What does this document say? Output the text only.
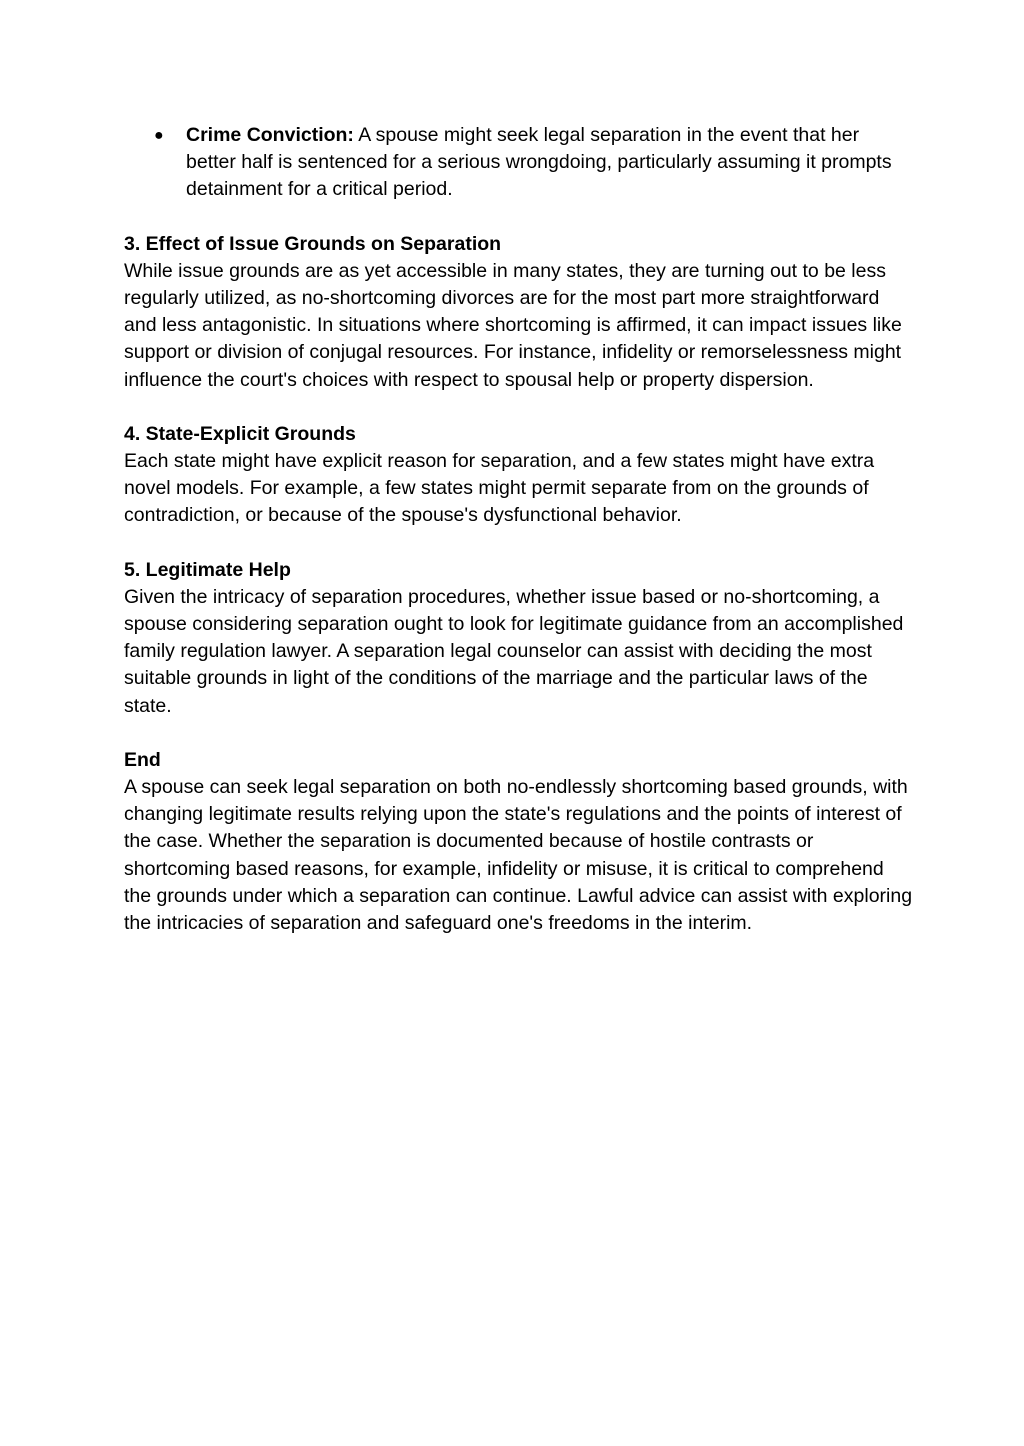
● Crime Conviction: A spouse might seek legal separation in the event that her better half is sentenced for a serious wrongdoing, particularly assuming it prompts detainment for a critical period.

3. Effect of Issue Grounds on Separation

While issue grounds are as yet accessible in many states, they are turning out to be less regularly utilized, as no-shortcoming divorces are for the most part more straightforward and less antagonistic. In situations where shortcoming is affirmed, it can impact issues like support or division of conjugal resources. For instance, infidelity or remorselessness might influence the court's choices with respect to spousal help or property dispersion.

4. State-Explicit Grounds

Each state might have explicit reason for separation, and a few states might have extra novel models. For example, a few states might permit separate from on the grounds of contradiction, or because of the spouse's dysfunctional behavior.

5. Legitimate Help

Given the intricacy of separation procedures, whether issue based or no-shortcoming, a spouse considering separation ought to look for legitimate guidance from an accomplished family regulation lawyer. A separation legal counselor can assist with deciding the most suitable grounds in light of the conditions of the marriage and the particular laws of the state.

End

A spouse can seek legal separation on both no-endlessly shortcoming based grounds, with changing legitimate results relying upon the state's regulations and the points of interest of the case. Whether the separation is documented because of hostile contrasts or shortcoming based reasons, for example, infidelity or misuse, it is critical to comprehend the grounds under which a separation can continue. Lawful advice can assist with exploring the intricacies of separation and safeguard one's freedoms in the interim.
